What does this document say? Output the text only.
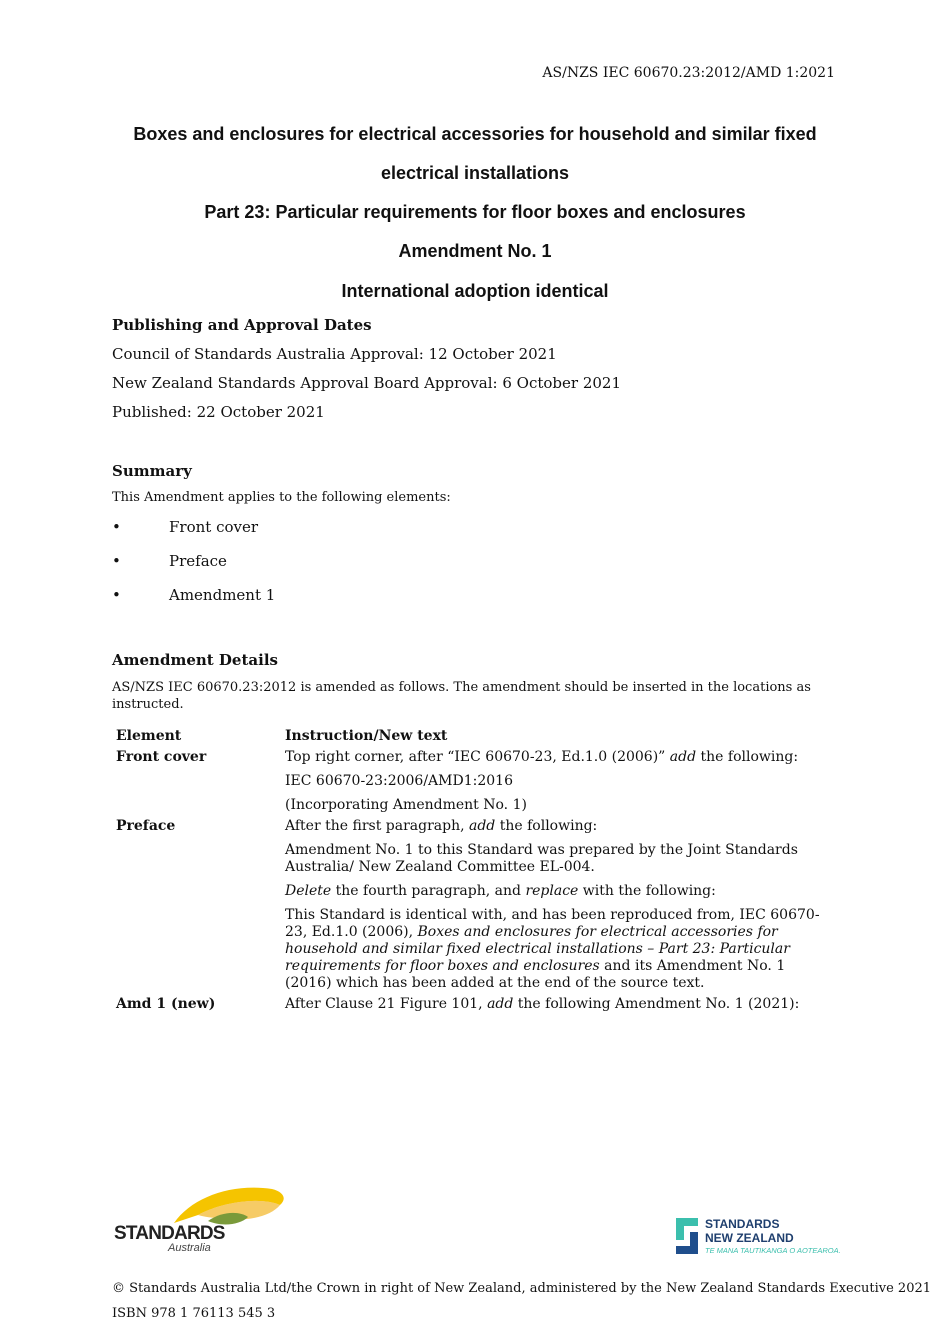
AS/NZS IEC 60670.23:2012/AMD 1:2021
Boxes and enclosures for electrical accessories for household and similar fixed
electrical installations
Part 23: Particular requirements for floor boxes and enclosures
Amendment No. 1
International adoption identical
Publishing and Approval Dates
Council of Standards Australia Approval: 12 October 2021
New Zealand Standards Approval Board Approval: 6 October 2021
Published: 22 October 2021
Summary
This Amendment applies to the following elements:
•	Front cover
•	Preface
•	Amendment 1
Amendment Details
AS/NZS IEC 60670.23:2012 is amended as follows. The amendment should be inserted in the locations as instructed.
Element	Instruction/New text
Front cover	Top right corner, after “IEC 60670-23, Ed.1.0 (2006)” add the following:
IEC 60670-23:2006/AMD1:2016
(Incorporating Amendment No. 1)

Preface	After the first paragraph, add the following:
Amendment No. 1 to this Standard was prepared by the Joint Standards Australia/ New Zealand Committee EL-004.
Delete the fourth paragraph, and replace with the following:
This Standard is identical with, and has been reproduced from, IEC 60670-23, Ed.1.0 (2006), Boxes and enclosures for electrical accessories for household and similar fixed electrical installations – Part 23: Particular requirements for floor boxes and enclosures and its Amendment No. 1 (2016) which has been added at the end of the source text.

Amd 1 (new)	After Clause 21 Figure 101, add the following Amendment No. 1 (2021):
STANDARDS
Australia
STANDARDS
NEW ZEALAND
TE MANA TAUTIKANGA O AOTEAROA.
© Standards Australia Ltd/the Crown in right of New Zealand, administered by the New Zealand Standards Executive 2021
ISBN 978 1 76113 545 3
